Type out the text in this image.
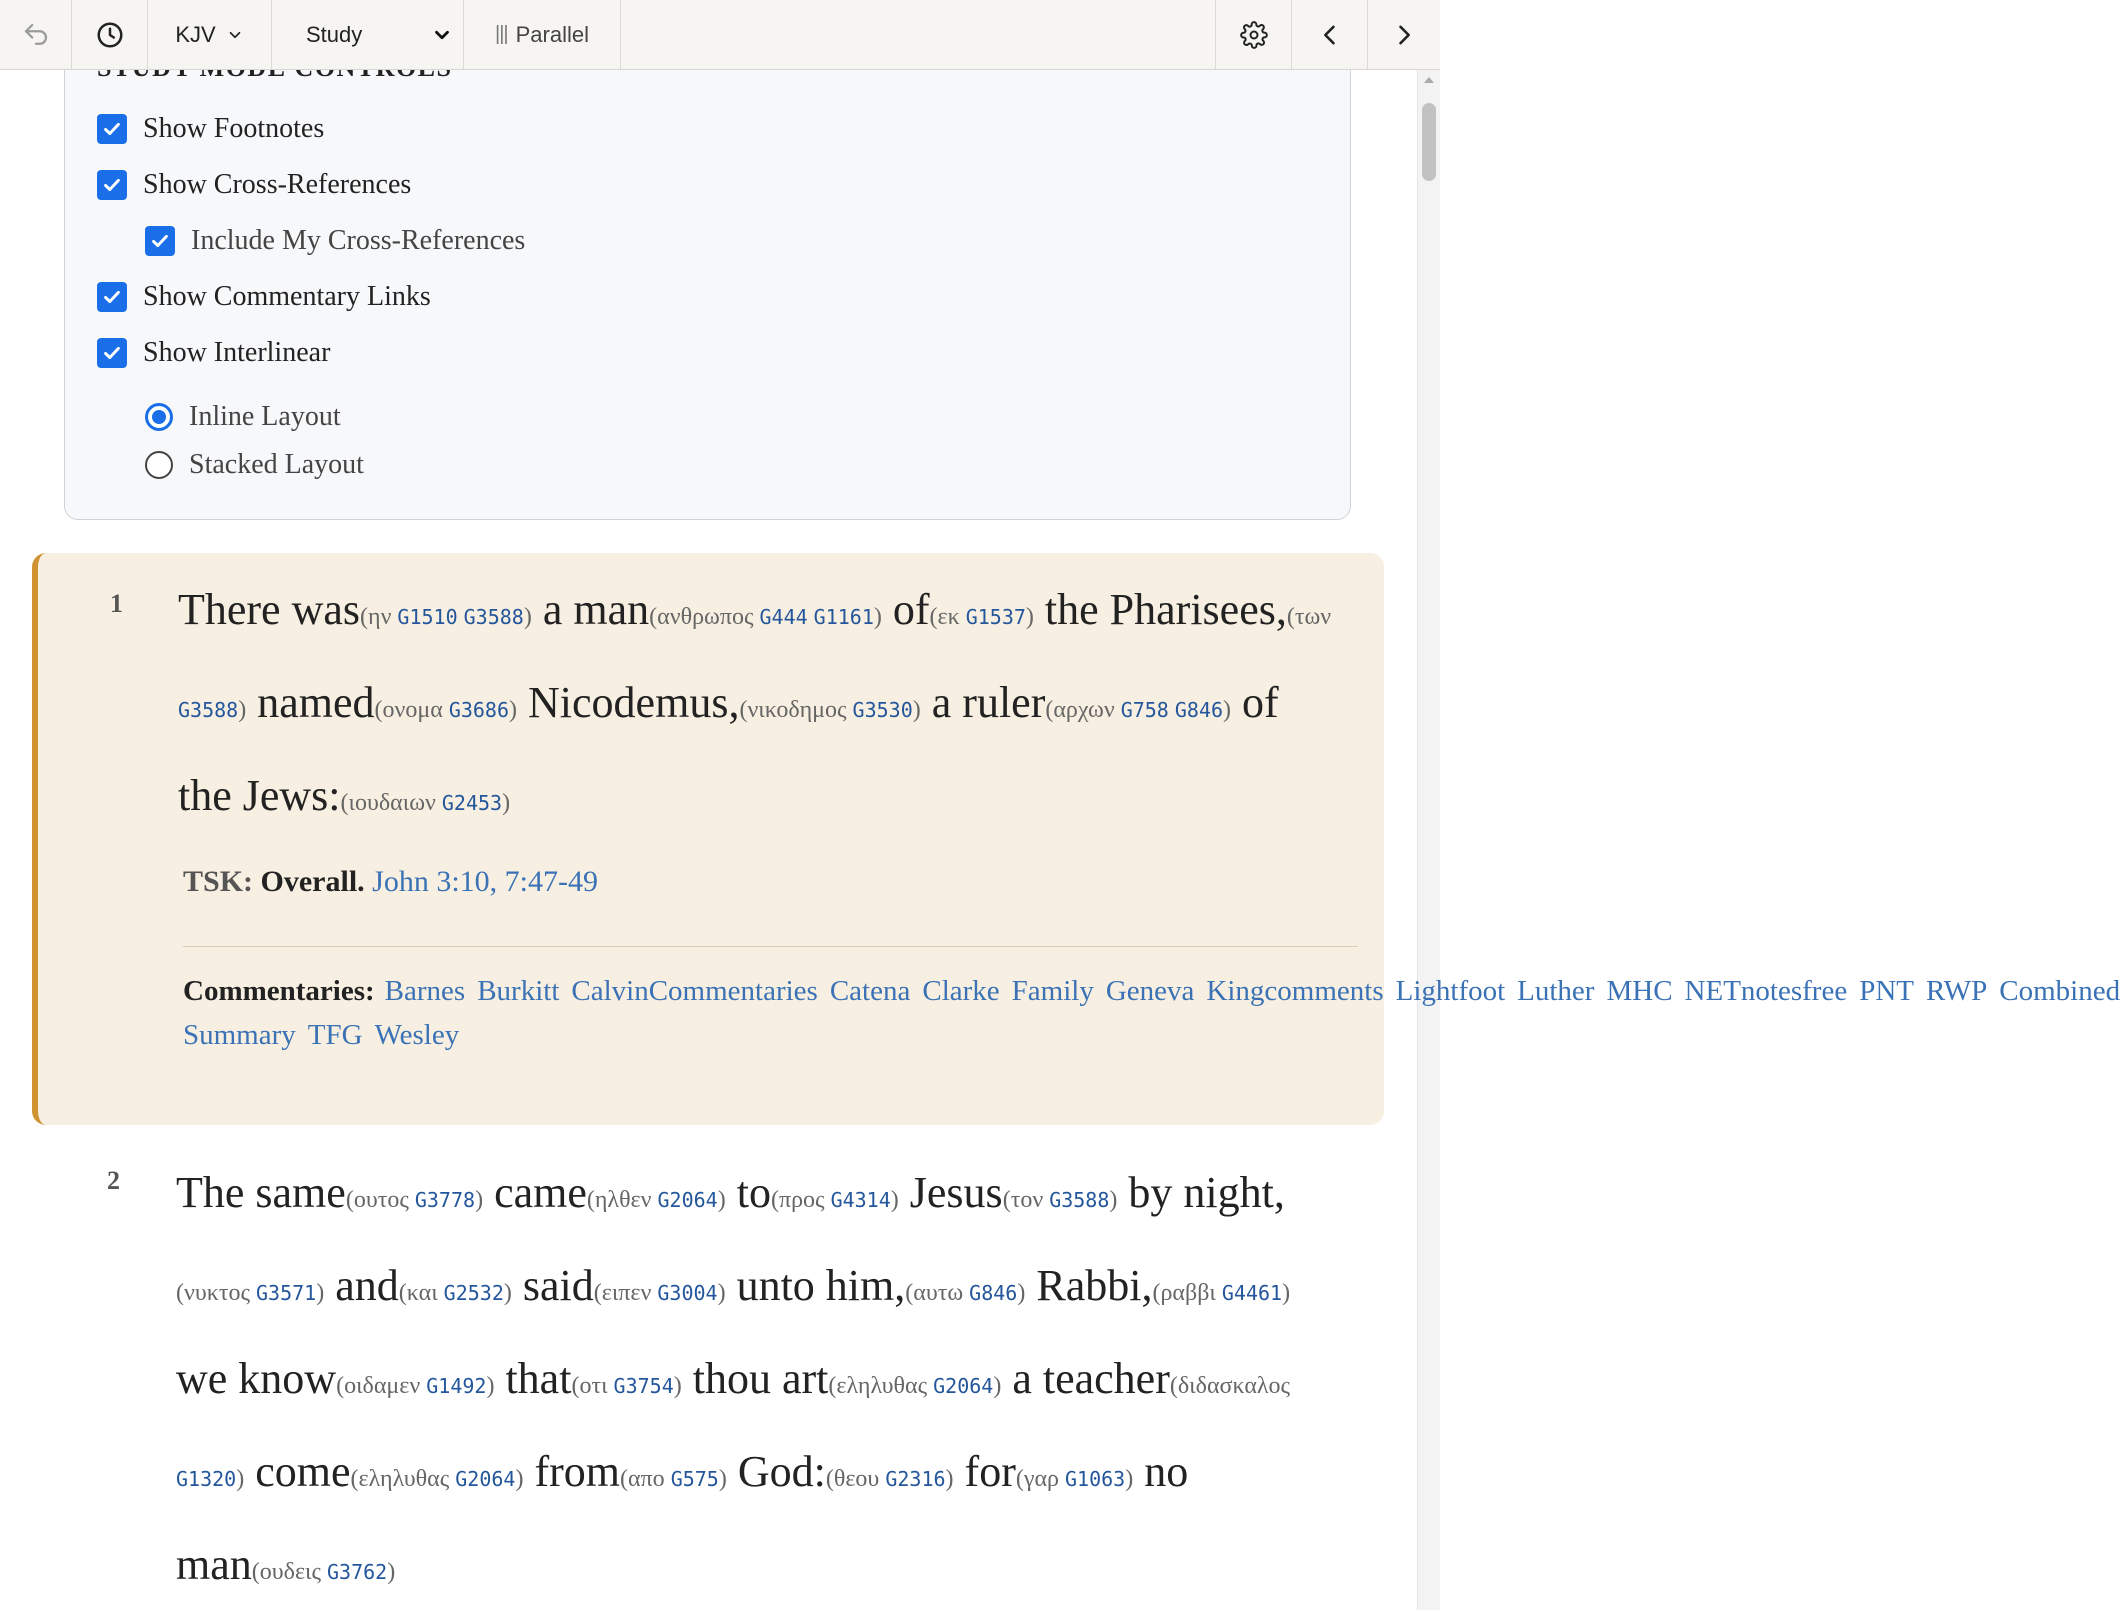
KJV	Study	||| Parallel
Show Footnotes
Show Cross-References
Include My Cross-References
Show Commentary Links
Show Interlinear
Inline Layout
Stacked Layout
1 There was(ην G1510 G3588) a man(ανθρωπος G444 G1161) of(εκ G1537) the Pharisees,(των G3588) named(ονομα G3686) Nicodemus,(νικοδημος G3530) a ruler(αρχων G758 G846) of the Jews:(ιουδαιων G2453)
TSK: Overall. John 3:10, 7:47-49
Commentaries: Barnes Burkitt CalvinCommentaries Catena Clarke Family Geneva Kingcomments Lightfoot Luther MHC NETnotesfree PNT RWP Combined Summary TFG Wesley
2 The same(ουτος G3778) came(ηλθεν G2064) to(προς G4314) Jesus(τον G3588) by night,(νυκτος G3571) and(και G2532) said(ειπεν G3004) unto him,(αυτω G846) Rabbi,(ραββι G4461) we know(οιδαμεν G1492) that(οτι G3754) thou art(εληλυθας G2064) a teacher(διδασκαλος G1320) come(εληλυθας G2064) from(απο G575) God:(θεου G2316) for(γαρ G1063) no man(ουδεις G3762)
